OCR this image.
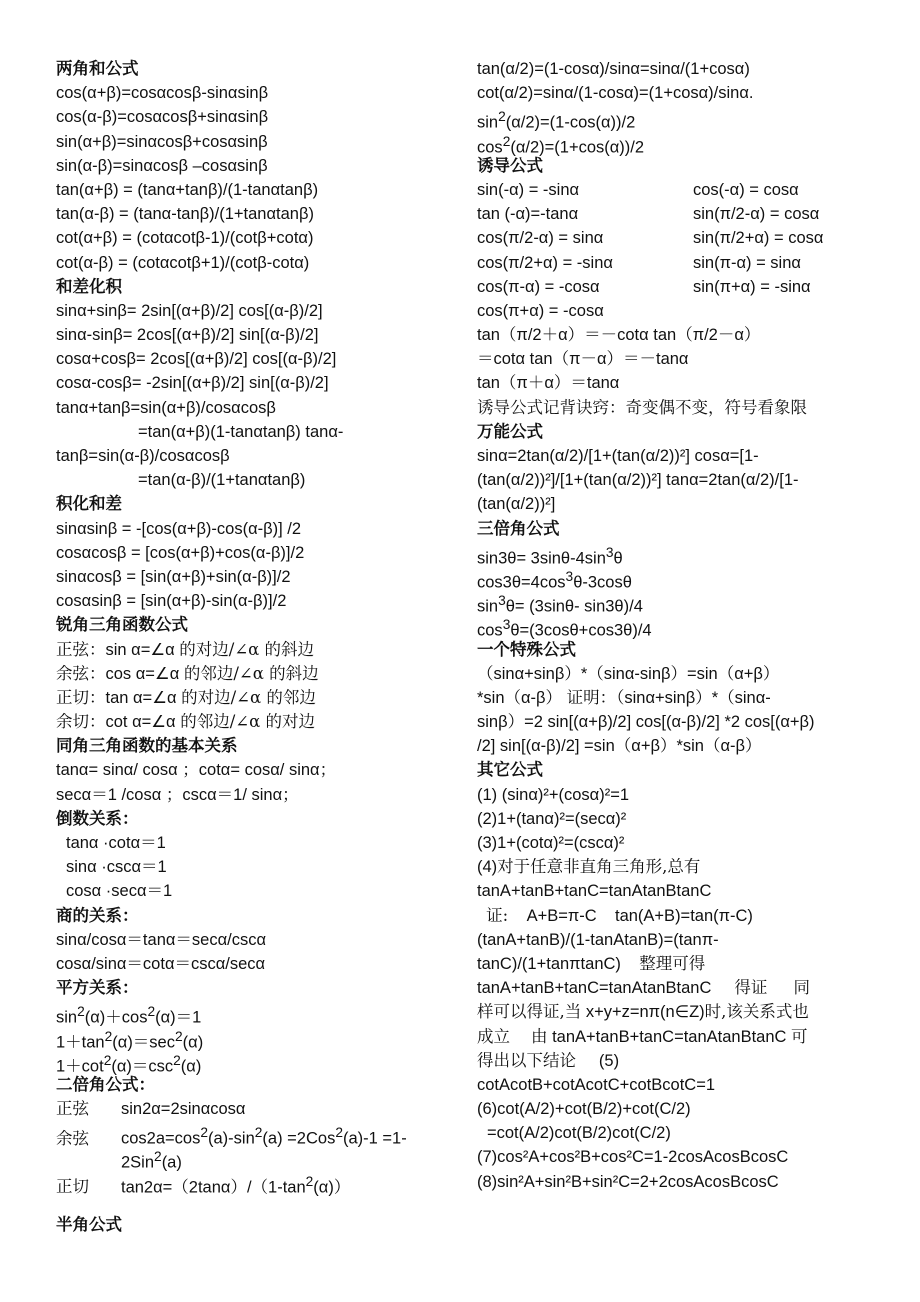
两角和公式
cos(α+β)=cosαcosβ-sinαsinβ
cos(α-β)=cosαcosβ+sinαsinβ
sin(α+β)=sinαcosβ+cosαsinβ
sin(α-β)=sinαcosβ –cosαsinβ
tan(α+β) = (tanα+tanβ)/(1-tanαtanβ)
tan(α-β) = (tanα-tanβ)/(1+tanαtanβ)
cot(α+β) = (cotαcotβ-1)/(cotβ+cotα)
cot(α-β) = (cotαcotβ+1)/(cotβ-cotα)
和差化积
sinα+sinβ= 2sin[(α+β)/2] cos[(α-β)/2]
sinα-sinβ= 2cos[(α+β)/2] sin[(α-β)/2]
cosα+cosβ= 2cos[(α+β)/2] cos[(α-β)/2]
cosα-cosβ= -2sin[(α+β)/2] sin[(α-β)/2]
tanα+tanβ=sin(α+β)/cosαcosβ
=tan(α+β)(1-tanαtanβ) tanα-
tanβ=sin(α-β)/cosαcosβ
=tan(α-β)/(1+tanαtanβ)
积化和差
sinαsinβ = -[cos(α+β)-cos(α-β)] /2
cosαcosβ = [cos(α+β)+cos(α-β)]/2
sinαcosβ = [sin(α+β)+sin(α-β)]/2
cosαsinβ = [sin(α+β)-sin(α-β)]/2
锐角三角函数公式
正弦：sin α=∠α 的对边/∠α 的斜边
余弦：cos α=∠α 的邻边/∠α 的斜边
正切：tan α=∠α 的对边/∠α 的邻边
余切：cot α=∠α 的邻边/∠α 的对边
同角三角函数的基本关系
tanα= sinα/ cosα ；cotα= cosα/ sinα；
secα＝1 /cosα ；cscα＝1/ sinα；
倒数关系：
tanα ·cotα＝1
sinα ·cscα＝1
cosα ·secα＝1
商的关系：
sinα/cosα＝tanα＝secα/cscα
cosα/sinα＝cotα＝cscα/secα
平方关系：
$\sin^2(\alpha)+\cos^2(\alpha)=1$
$1+\tan^2(\alpha)=\sec^2(\alpha)$
$1+\cot^2(\alpha)=\csc^2(\alpha)$
二倍角公式：
正弦 sin2α=2sinαcosα
余弦 $\cos 2a=\cos^2(a)-\sin^2(a) =2Cos^2(a)-1 =1-$
2Sin$^2$(a)
正切 $\tan 2\alpha=(2\tan\alpha)/(1-\tan^2(\alpha))$
tan(α/2)=(1-cosα)/sinα=sinα/(1+cosα)
cot(α/2)=sinα/(1-cosα)=(1+cosα)/sinα.
$\sin^2(\alpha/2)=(1-\cos(\alpha))/2$
$\cos^2(\alpha/2)=(1+\cos(\alpha))/2$
诱导公式
sin(-α) = -sinα	cos(-α) = cosα
tan (-α)=-tanα	sin(π/2-α) = cosα
cos(π/2-α) = sinα	sin(π/2+α) = cosα
cos(π/2+α) = -sinα	sin(π-α) = sinα
cos(π-α) = -cosα	sin(π+α) = -sinα
cos(π+α) = -cosα
tan（π/2＋α）＝－cotα tan（π/2－α）
＝cotα tan（π－α）＝－tanα
tan（π＋α）＝tanα
诱导公式记背诀窍：奇变偶不变，符号看象限
万能公式
sinα=2tan(α/2)/[1+(tan(α/2))²] cosα=[1-
(tan(α/2))²]/[1+(tan(α/2))²] tanα=2tan(α/2)/[1-
(tan(α/2))²]
三倍角公式
$\sin 3\theta= 3\sin\theta-4\sin^3\theta$
$\cos 3\theta=4\cos^3\theta-3\cos\theta$
$\sin^3\theta= (3\sin\theta-$ sin3θ)/4
$\cos^3\theta=(3\cos\theta+\cos 3\theta)/4$
一个特殊公式
（sinα+sinβ）*（sinα-sinβ）=sin（α+β）
*sin（α-β） 证明：（sinα+sinβ）*（sinα-
sinβ）=2 sin[(α+β)/2] cos[(α-β)/2] *2 cos[(α+β)
/2] sin[(α-β)/2] =sin（α+β）*sin（α-β）
其它公式
(1) (sinα)²+(cosα)²=1
(2)1+(tanα)²=(secα)²
(3)1+(cotα)²=(cscα)²
(4)对于任意非直角三角形,总有
tanA+tanB+tanC=tanAtanBtanC
证:    A+B=π-C    tan(A+B)=tan(π-C)
(tanA+tanB)/(1-tanAtanB)=(tanπ-
tanC)/(1+tanπtanC)    整理可得
tanA+tanB+tanC=tanAtanBtanC     得证     同
样可以得证,当 x+y+z=nπ(n∈Z)时,该关系式也
成立    由 tanA+tanB+tanC=tanAtanBtanC 可
得出以下结论     (5)
cotAcotB+cotAcotC+cotBcotC=1
(6)cot(A/2)+cot(B/2)+cot(C/2)
=cot(A/2)cot(B/2)cot(C/2)
(7)cos²A+cos²B+cos²C=1-2cosAcosBcosC
(8)sin²A+sin²B+sin²C=2+2cosAcosBcosC
半角公式
